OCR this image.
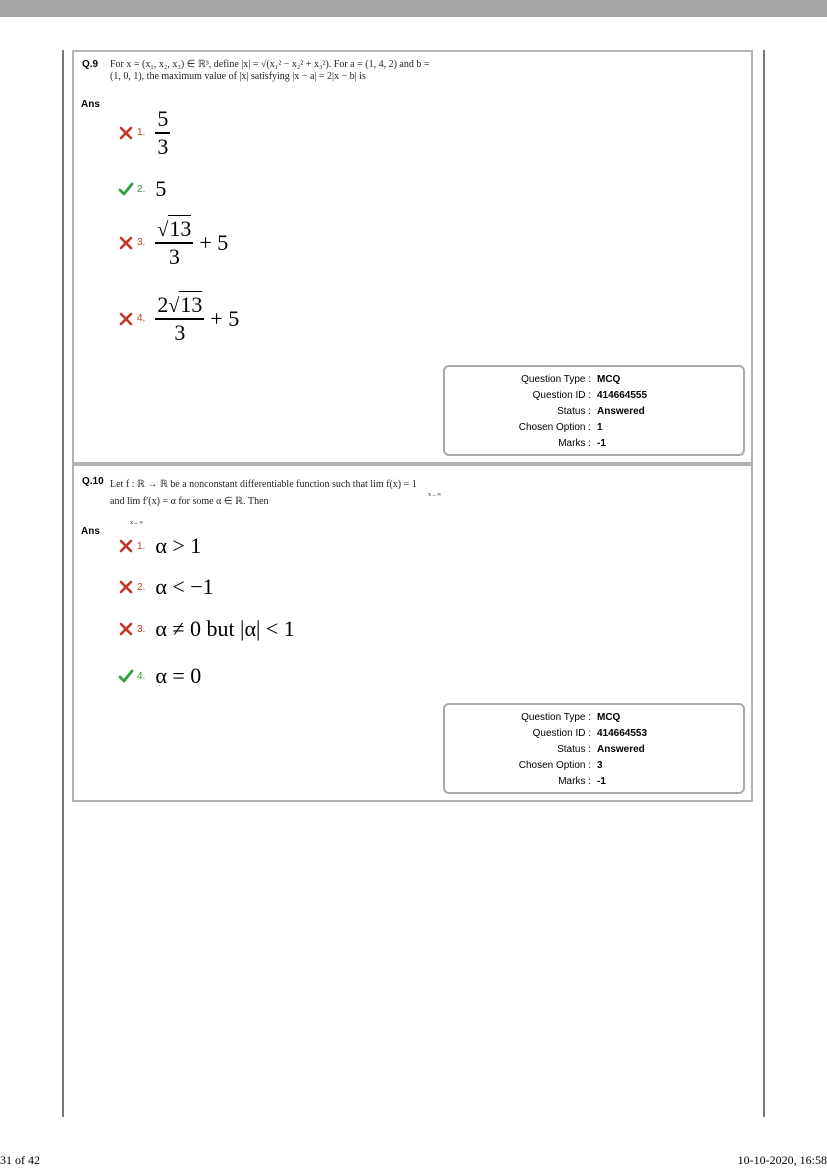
Q.9 For x = (x₁, x₂, x₃) ∈ ℝ³, define |x| = √(x₁² − x₂² + x₃²). For a = (1, 4, 2) and b =
(1, 0, 1), the maximum value of |x| satisfying |x − a| = 2|x − b| is
Ans
1. $\frac{5}{3}$
2. 5
3. $\frac{√13}{3} + 5$
4. $\frac{2√13}{3} + 5$
Question Type : MCQ
Question ID : 414664555
Status : Answered
Chosen Option : 1
Marks : -1
Q.10 Let f : ℝ → ℝ be a nonconstant differentiable function such that lim f(x) = 1
x→∞
and lim f′(x) = α for some α ∈ ℝ. Then
x→∞
Ans
1. α > 1
2. α < −1
3. α ≠ 0 but |α| < 1
4. α = 0
Question Type : MCQ
Question ID : 414664553
Status : Answered
Chosen Option : 3
Marks : -1
31 of 42	10-10-2020, 16:58
